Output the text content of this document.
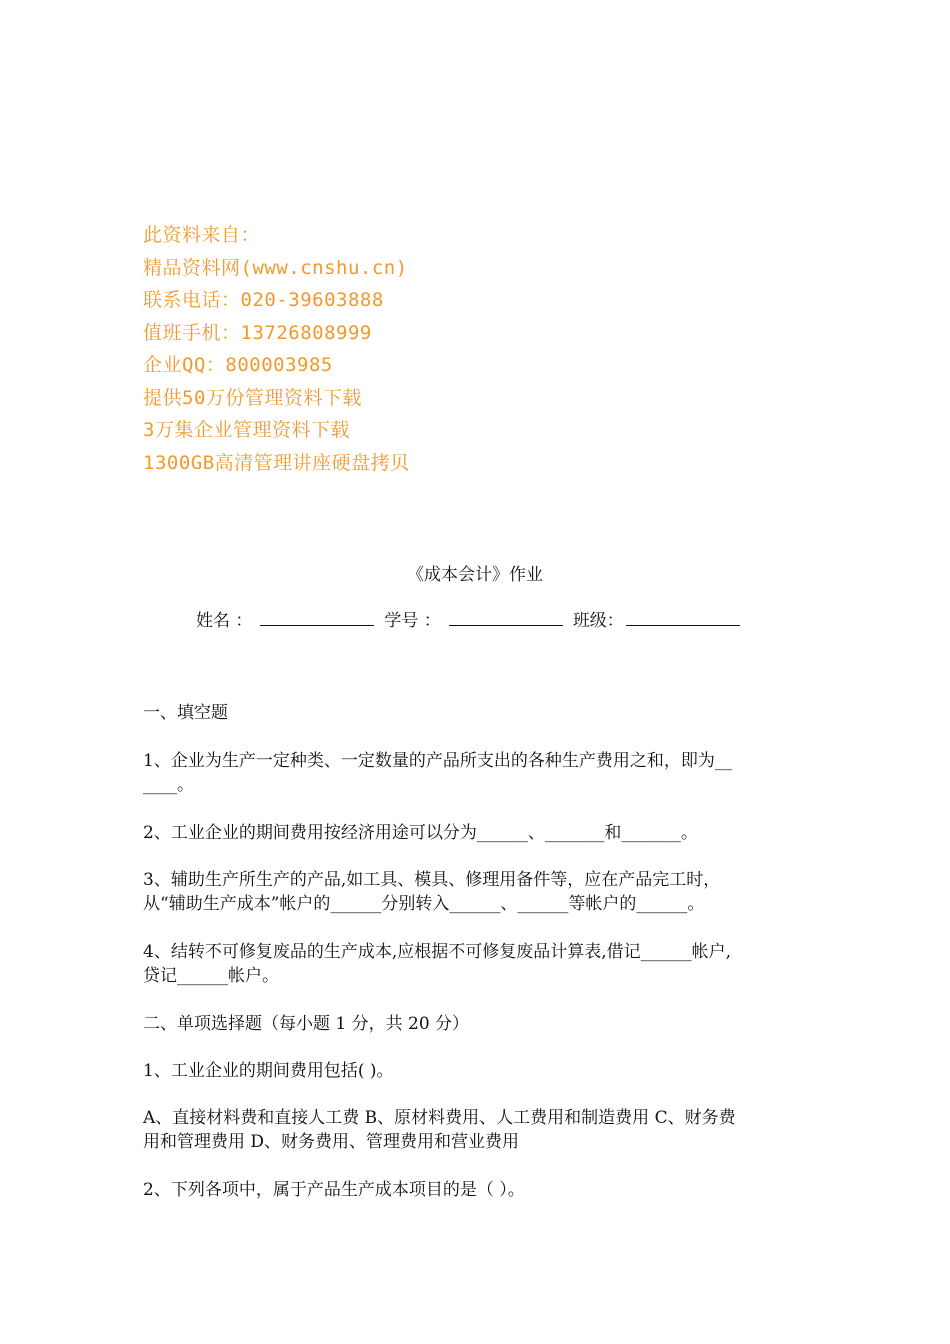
此资料来自：
精品资料网(www.cnshu.cn)
联系电话：020-39603888
值班手机：13726808999
企业QQ：800003985
提供50万份管理资料下载
3万集企业管理资料下载
1300GB高清管理讲座硬盘拷贝
《成本会计》作业
姓名 ：	学号 ：	班级：
一、填空题
1、企业为生产一定种类、一定数量的产品所支出的各种生产费用之和，即为__
____。
2、工业企业的期间费用按经济用途可以分为______、_______和_______。
3、辅助生产所生产的产品,如工具、模具、修理用备件等，应在产品完工时，
从“辅助生产成本”帐户的______分别转入______、______等帐户的______。
4、结转不可修复废品的生产成本,应根据不可修复废品计算表,借记______帐户,
贷记______帐户。
二、单项选择题（每小题 1 分，共 20 分）
1、工业企业的期间费用包括( )。
A、直接材料费和直接人工费 B、原材料费用、人工费用和制造费用 C、财务费
用和管理费用 D、财务费用、管理费用和营业费用
2、下列各项中，属于产品生产成本项目的是（ ）。
